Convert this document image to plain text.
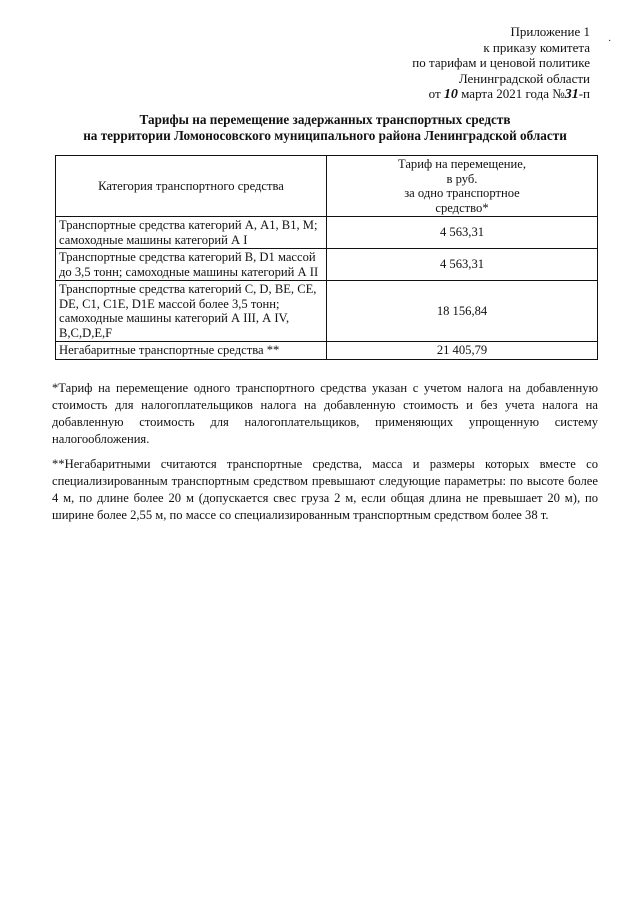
·
Приложение 1
к приказу комитета
по тарифам и ценовой политике
Ленинградской области
от 10 марта 2021 года №31-п
Тарифы на перемещение задержанных транспортных средств
на территории Ломоносовского муниципального района Ленинградской области
Категория транспортного средства	Тариф на перемещение,
в руб.
за одно транспортное
средство*

Транспортные средства категорий А, А1, В1, М; самоходные машины категорий А I	4 563,31
Транспортные средства категорий В, D1 массой до 3,5 тонн; самоходные машины категорий А II	4 563,31
Транспортные средства категорий С, D, ВЕ, СЕ, DE, С1, С1Е, D1Е массой более 3,5 тонн; самоходные машины категорий А III, А IV, В,С,D,Е,F	18 156,84
Негабаритные транспортные средства **	21 405,79
*Тариф на перемещение одного транспортного средства указан с учетом налога на добавленную стоимость для налогоплательщиков налога на добавленную стоимость и без учета налога на добавленную стоимость для налогоплательщиков, применяющих упрощенную систему налогообложения.
**Негабаритными считаются транспортные средства, масса и размеры которых вместе со специализированным транспортным средством превышают следующие параметры: по высоте более 4 м, по длине более 20 м (допускается свес груза 2 м, если общая длина не превышает 20 м), по ширине более 2,55 м, по массе со специализированным транспортным средством более 38 т.
